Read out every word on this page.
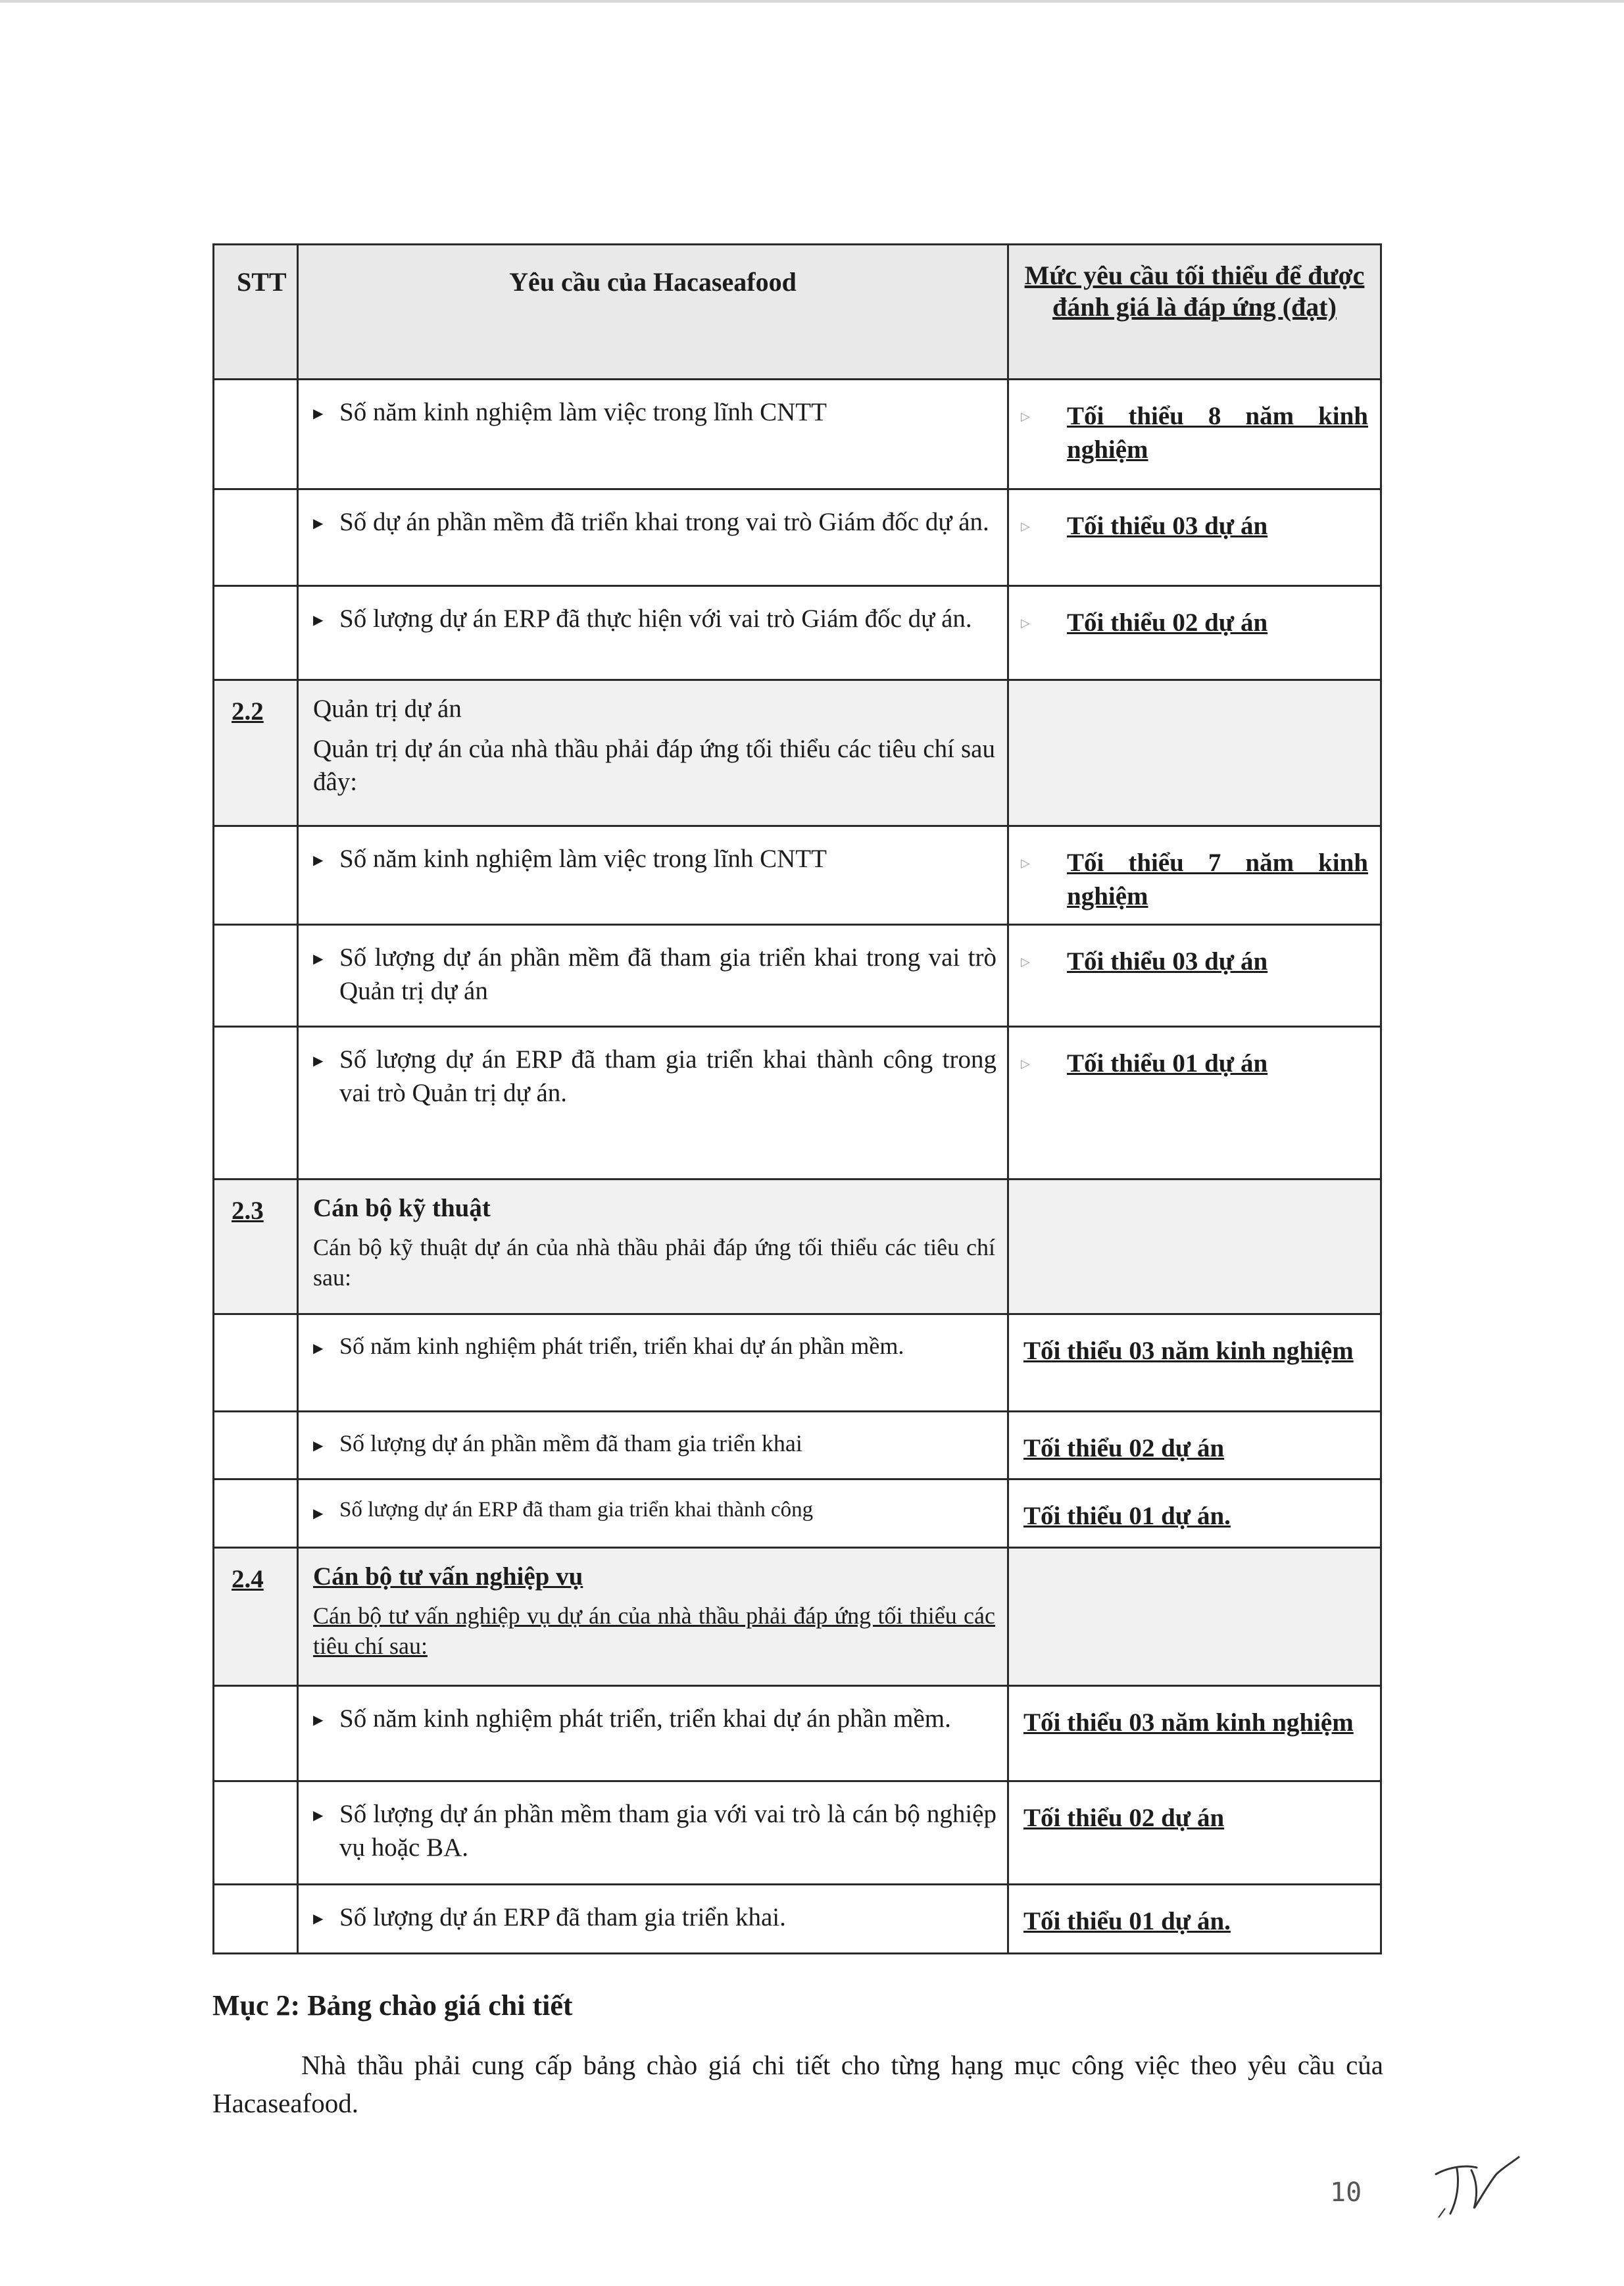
STT	Yêu cầu của Hacaseafood	Mức yêu cầu tối thiểu để được đánh giá là đáp ứng (đạt)

	▶ Số năm kinh nghiệm làm việc trong lĩnh CNTT	▷ Tối thiểu 8 năm kinh nghiệm

	▶ Số dự án phần mềm đã triển khai trong vai trò Giám đốc dự án.	▷ Tối thiểu 03 dự án

	▶ Số lượng dự án ERP đã thực hiện với vai trò Giám đốc dự án.	▷ Tối thiểu 02 dự án

2.2	Quản trị dự án
Quản trị dự án của nhà thầu phải đáp ứng tối thiểu các tiêu chí sau đây:	

	▶ Số năm kinh nghiệm làm việc trong lĩnh CNTT	▷ Tối thiểu 7 năm kinh nghiệm

	▶ Số lượng dự án phần mềm đã tham gia triển khai trong vai trò Quản trị dự án	▷ Tối thiểu 03 dự án

	▶ Số lượng dự án ERP đã tham gia triển khai thành công trong vai trò Quản trị dự án.	▷ Tối thiểu 01 dự án

2.3	Cán bộ kỹ thuật
Cán bộ kỹ thuật dự án của nhà thầu phải đáp ứng tối thiểu các tiêu chí sau:	

	▶ Số năm kinh nghiệm phát triển, triển khai dự án phần mềm.	Tối thiểu 03 năm kinh nghiệm

	▶ Số lượng dự án phần mềm đã tham gia triển khai	Tối thiểu 02 dự án

	▶ Số lượng dự án ERP đã tham gia triển khai thành công	Tối thiểu 01 dự án.

2.4	Cán bộ tư vấn nghiệp vụ
Cán bộ tư vấn nghiệp vụ dự án của nhà thầu phải đáp ứng tối thiểu các tiêu chí sau:	

	▶ Số năm kinh nghiệm phát triển, triển khai dự án phần mềm.	Tối thiểu 03 năm kinh nghiệm

	▶ Số lượng dự án phần mềm tham gia với vai trò là cán bộ nghiệp vụ hoặc BA.	Tối thiểu 02 dự án

	▶ Số lượng dự án ERP đã tham gia triển khai.	Tối thiểu 01 dự án.
Mục 2: Bảng chào giá chi tiết
Nhà thầu phải cung cấp bảng chào giá chi tiết cho từng hạng mục công việc theo yêu cầu của Hacaseafood.
10
